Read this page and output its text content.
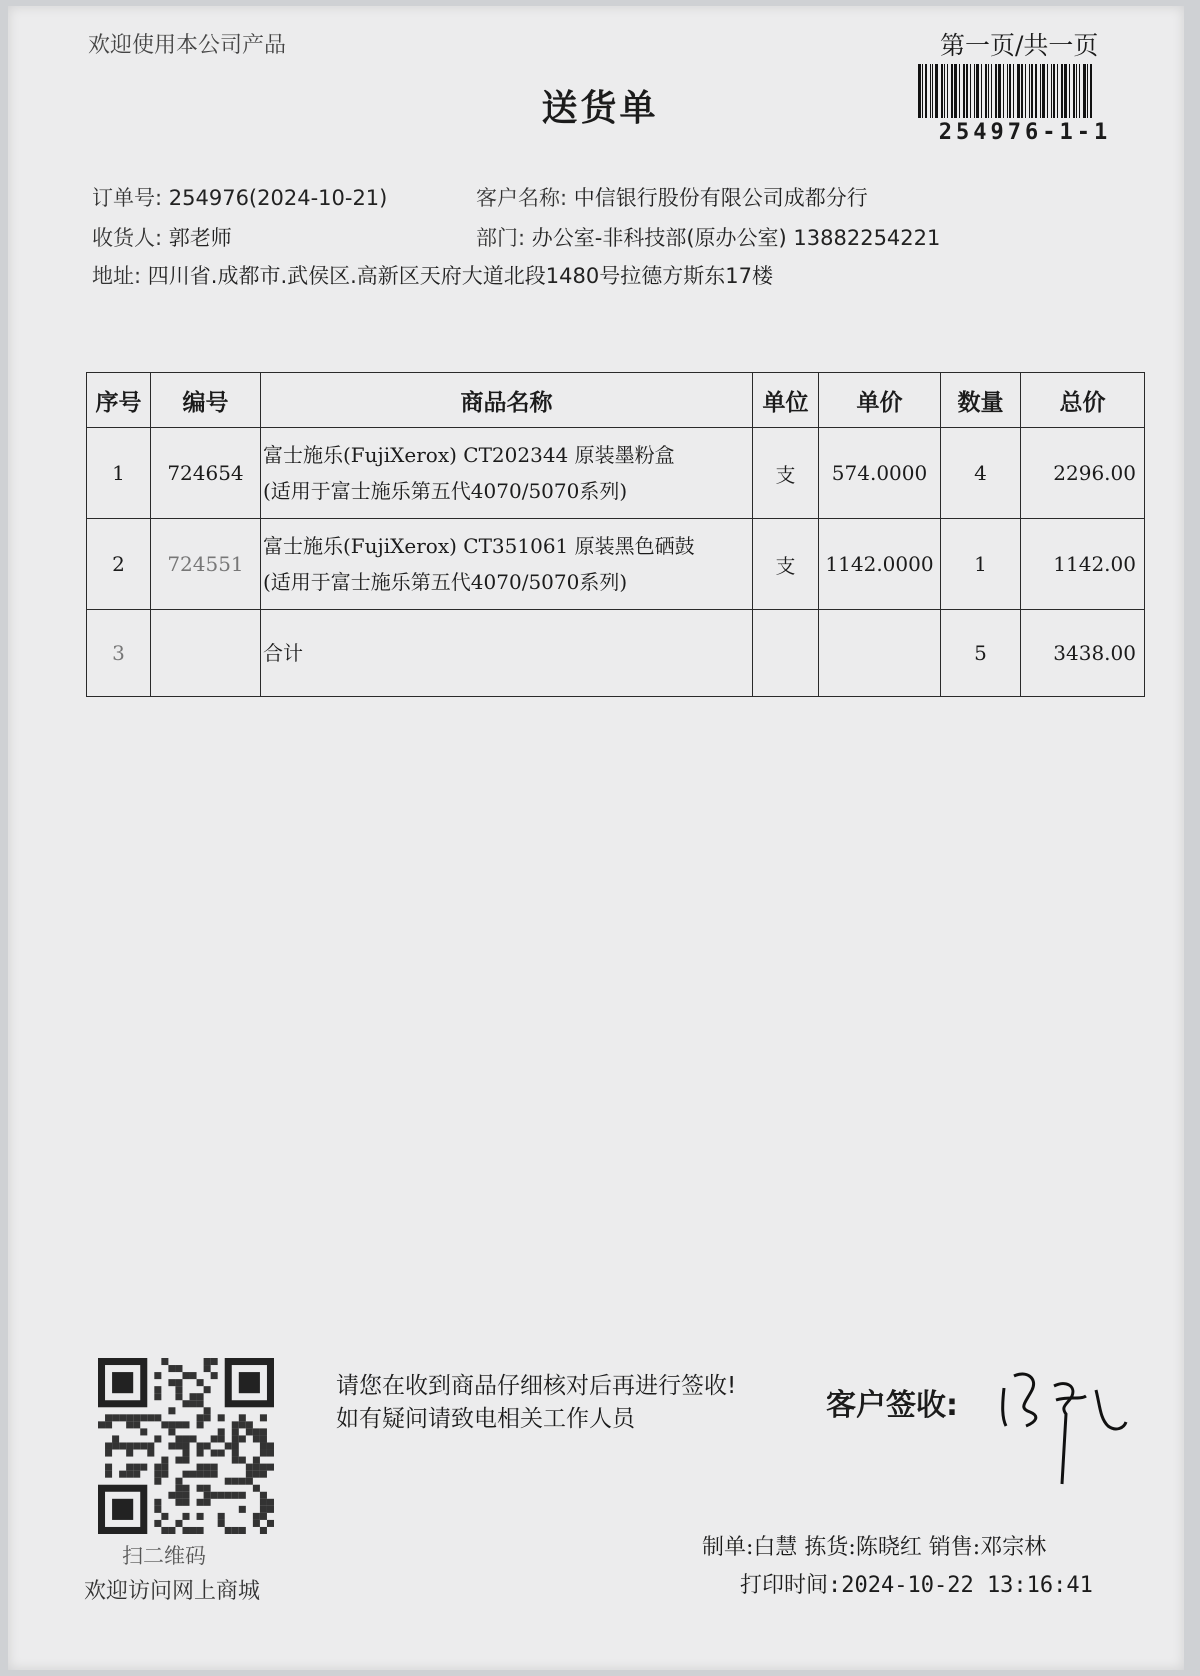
欢迎使用本公司产品	第一页/共一页
送货单
254976-1-1
订单号: 254976(2024-10-21)	客户名称: 中信银行股份有限公司成都分行
收货人: 郭老师	部门: 办公室-非科技部(原办公室) 13882254221
地址: 四川省.成都市.武侯区.高新区天府大道北段1480号拉德方斯东17楼
序号	编号	商品名称	单位	单价	数量	总价
1	724654	富士施乐(FujiXerox) CT202344 原装墨粉盒
(适用于富士施乐第五代4070/5070系列)	支	574.0000	4	2296.00
2	724551	富士施乐(FujiXerox) CT351061 原装黑色硒鼓
(适用于富士施乐第五代4070/5070系列)	支	1142.0000	1	1142.00
3		合计			5	3438.00
扫二维码
欢迎访问网上商城
请您在收到商品仔细核对后再进行签收!如有疑问请致电相关工作人员	客户签收:
制单:白慧 拣货:陈晓红 销售:邓宗林
打印时间:2024-10-22 13:16:41
